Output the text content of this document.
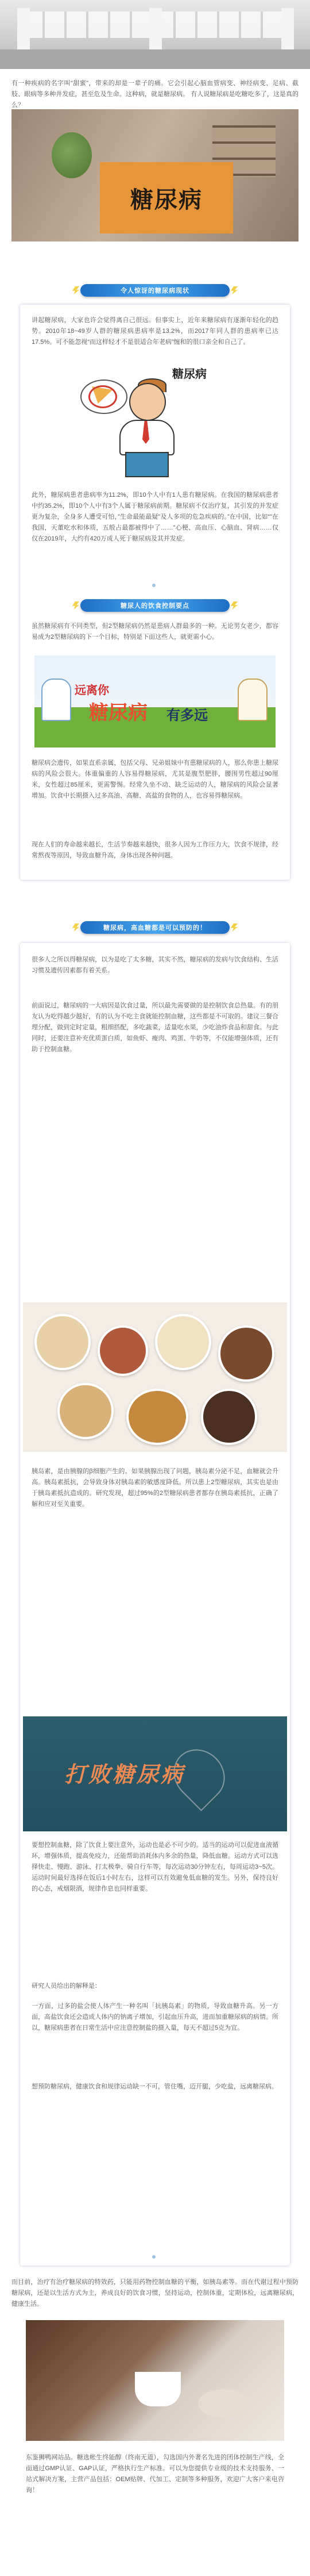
有一种疾病的名字叫"甜蜜"，带来的却是一辈子的痛。它会引起心脑血管病变、神经病变、足病、截肢、眼病等多种并发症，甚至危及生命。这种病，就是糖尿病。 有人说糖尿病是吃糖吃多了，这是真的么？

糖尿病
令人惊讶的糖尿病现状

讲起糖尿病，大家也许会觉得离自己很远。但事实上，近年来糖尿病有逐渐年轻化的趋势。2010年18~49岁人群的糖尿病患病率是13.2%，而2017年同人群的患病率已达17.5%。可不能忽视“而这样轻才不是很适合年老病”缠和的很口亲全和自己了。

糖尿病

此外，糖尿病患者患病率为11.2%，即10个人中有1人患有糖尿病。在我国的糖尿病患者中约35.2%，即10个人中有3个人属于糖尿病前期。糖尿病不仅治疗复，其引发的并发症更为复杂，全身多人遭受可怕，”生命最能最疑”及人多项的危急疾病的。”在中国，比如“”在我国，天董吃水和体质，五般占最都被得中了……”心梗、高血压、心脑血、肾病……仅仅在2019年，大约有420万成人死于糖尿病及其并发症。

糖尿人的饮食控制要点

虽然糖尿病有不同类型，但2型糖尿病仍然是患病人群最多的一种。无论男女老少，都容易成为2型糖尿病的下一个目标，特别是下面这些人，就更需小心。

远离你
糖尿病 有多远

糖尿病会遗传，如果直系亲属，包括父母、兄弟姐妹中有患糖尿病的人，那么你患上糖尿病的风险会很大。体重偏重的人容易得糖尿病，尤其是腹型肥胖，腰围男性超过90厘米，女性超过85厘米，更需警惕。经常久坐不动、缺乏运动的人，糖尿病的风险会显著增加。饮食中长期摄入过多高油、高糖、高盐的食物的人，也容易得糖尿病。

现在人们的寿命越来越长，生活节奏越来越快，很多人因为工作压力大，饮食不规律，经常熬夜等原因，导致血糖升高，身体出现各种问题。

糖尿病，高血糖都是可以预防的！

很多人之所以得糖尿病，以为是吃了太多糖，其实不然，糖尿病的发病与饮食结构、生活习惯及遗传因素都有着关系。

前面说过，糖尿病的一大病因是饮食过量，所以最先需要做的是控制饮食总热量。有的朋友认为吃得越少越好，有的认为不吃主食就能控制血糖，这些都是不可取的。建议三餐合理分配，做到定时定量，粗细搭配，多吃蔬菜，适量吃水果，少吃油炸食品和甜食。与此同时，还要注意补充优质蛋白质，如鱼虾、瘦肉、鸡蛋、牛奶等，不仅能增强体质，还有助于控制血糖。

胰岛素，是由胰腺的β细胞产生的。如果胰腺出现了问题，胰岛素分泌不足，血糖就会升高。胰岛素抵抗，会导致身体对胰岛素的敏感度降低。所以患上2型糖尿病，其实也是由于胰岛素抵抗造成的。研究发现，超过95%的2型糖尿病患者都存在胰岛素抵抗，正确了解和应对至关重要。

打败糖尿病

要想控制血糖，除了饮食上要注意外，运动也是必不可少的。适当的运动可以促进血液循环，增强体质，提高免疫力，还能帮助消耗体内多余的热量，降低血糖。运动方式可以选择快走、慢跑、游泳、打太极拳、骑自行车等，每次运动30分钟左右，每周运动3~5次。运动时间最好选择在饭后1小时左右，这样可以有效避免低血糖的发生。另外，保持良好的心态，戒烟限酒，规律作息也同样重要。

研究人员给出的解释是：

一方面，过多的盐会使人体产生一种名叫「抗胰岛素」的物质，导致血糖升高。另一方面，高盐饮食还会造成人体内的钠离子增加，引起血压升高，进而加重糖尿病的病情。所以，糖尿病患者在日常生活中应注意控制盐的摄入量，每天不超过5克为宜。

想预防糖尿病，健康饮食和规律运动缺一不可，管住嘴，迈开腿，少吃盐，远离糖尿病。

而目前，治疗有治疗糖尿病的特效药，只能用药物控制血糖的平衡，如胰岛素等。而在代谢过程中预防糖尿病，还是以生活方式为主，养成良好的饮食习惯，坚持运动，控制体重，定期体检，远离糖尿病，健康生活。

东鉴狮鸭网站品。糖选帐生终能醇（终南无道），勾选国内外著名先进的团体控制生产线，全面通过GMP认证、GAP认证，严格执行生产标准。可以为您提供专业级的技术支持服务、一站式解决方案，主营产品包括：OEM贴牌、代加工、定制等多种服务，欢迎广大客户来电咨询！
